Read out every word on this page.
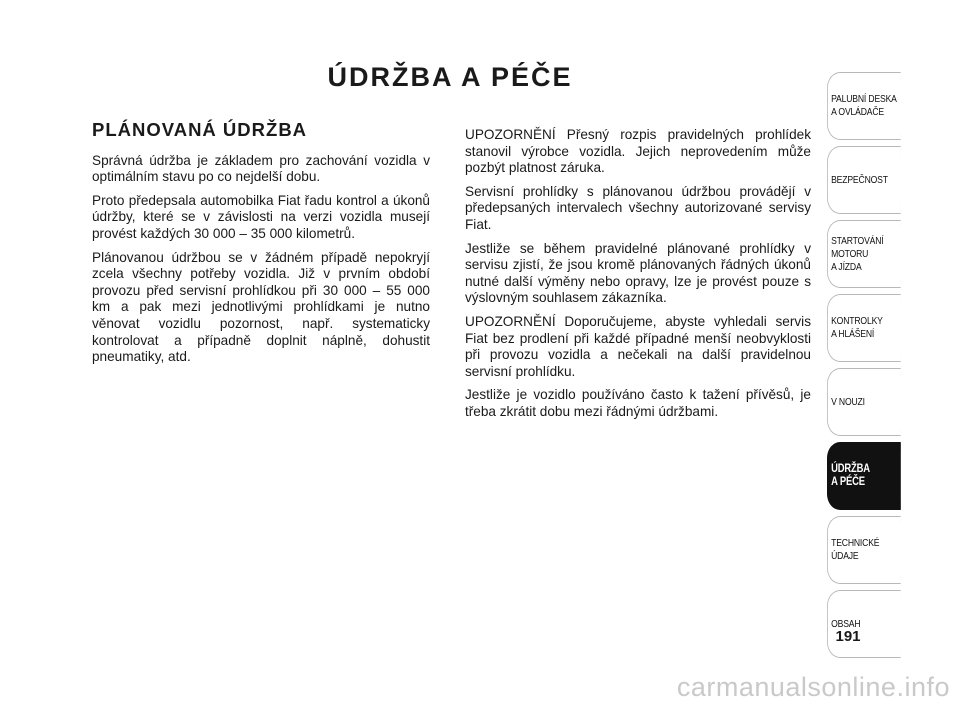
ÚDRŽBA A PÉČE
PLÁNOVANÁ ÚDRŽBA

Správná údržba je základem pro zachování vozidla v optimálním stavu po co nejdelší dobu.

Proto předepsala automobilka Fiat řadu kontrol a úkonů údržby, které se v závislosti na verzi vozidla musejí provést každých 30 000 – 35 000 kilometrů.

Plánovanou údržbou se v žádném případě nepokryjí zcela všechny potřeby vozidla. Již v prvním období provozu před servisní prohlídkou při 30 000 – 55 000 km a pak mezi jednotlivými prohlídkami je nutno věnovat vozidlu pozornost, např. systematicky kontrolovat a případně doplnit náplně, dohustit pneumatiky, atd.

UPOZORNĚNÍ Přesný rozpis pravidelných prohlídek stanovil výrobce vozidla. Jejich neprovedením může pozbýt platnost záruka.

Servisní prohlídky s plánovanou údržbou provádějí v předepsaných intervalech všechny autorizované servisy Fiat.

Jestliže se během pravidelné plánované prohlídky v servisu zjistí, že jsou kromě plánovaných řádných úkonů nutné další výměny nebo opravy, lze je provést pouze s výslovným souhlasem zákazníka.

UPOZORNĚNÍ Doporučujeme, abyste vyhledali servis Fiat bez prodlení při každé případné menší neobvyklosti při provozu vozidla a nečekali na další pravidelnou servisní prohlídku.

Jestliže je vozidlo používáno často k tažení přívěsů, je třeba zkrátit dobu mezi řádnými údržbami.

PALUBNÍ DESKA
A OVLÁDAČE
BEZPEČNOST
STARTOVÁNÍ
MOTORU
A JÍZDA
KONTROLKY
A HLÁŠENÍ
V NOUZI
ÚDRŽBA
A PÉČE
TECHNICKÉ
ÚDAJE
OBSAH
191
carmanualsonline.info
